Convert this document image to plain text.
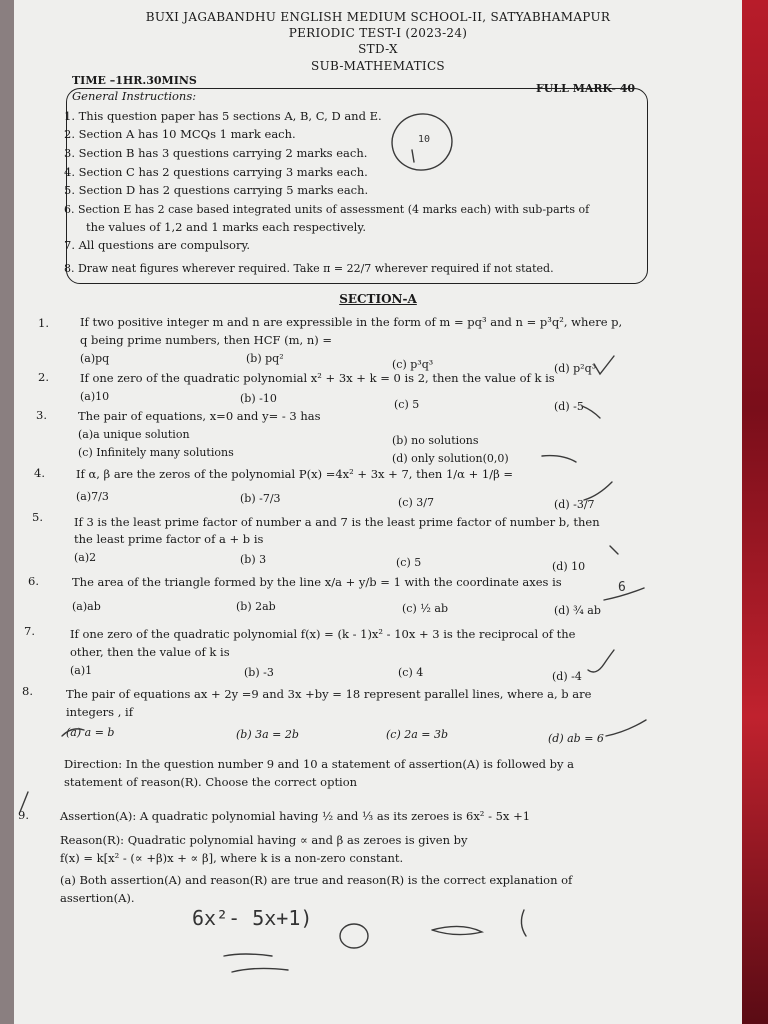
BUXI JAGABANDHU ENGLISH MEDIUM SCHOOL-II, SATYABHAMAPUR
PERIODIC TEST-I (2023-24)
STD-X
SUB-MATHEMATICS
TIME –1HR.30MINS
FULL MARK- 40
General Instructions:
1. This question paper has 5 sections A, B, C, D and E.
2. Section A has 10 MCQs 1 mark each.
3. Section B has 3 questions carrying 2 marks each.
4. Section C has 2 questions carrying 3 marks each.
5. Section D has 2 questions carrying 5 marks each.
6. Section E has 2 case based integrated units of assessment (4 marks each) with sub-parts of
the values of 1,2 and 1 marks each respectively.
7. All questions are compulsory.
8. Draw neat figures wherever required. Take π = 22/7 wherever required if not stated.
SECTION-A
1.	If two positive integer m and n are expressible in the form of m = pq³ and n = p³q², where p,
q being prime numbers, then HCF (m, n) =
(a)pq	(b) pq²	(c) p³q³	(d) p²q³
2.	If one zero of the quadratic polynomial x² + 3x + k = 0 is 2, then the value of k is
(a)10	(b) -10	(c) 5	(d) -5
3.	The pair of equations, x=0 and y= - 3 has
(a)a unique solution	(b) no solutions
(c) Infinitely many solutions	(d) only solution(0,0)
4.	If α, β are the zeros of the polynomial P(x) =4x² + 3x + 7, then 1/α + 1/β =
(a)7/3	(b) -7/3	(c) 3/7	(d) -3/7
5.	If 3 is the least prime factor of number a and 7 is the least prime factor of number b, then
the least prime factor of a + b is
(a)2	(b) 3	(c) 5	(d) 10
6.	The area of the triangle formed by the line x/a + y/b = 1 with the coordinate axes is
(a)ab	(b) 2ab	(c) ½ ab	(d) ¾ ab
7.	If one zero of the quadratic polynomial f(x) = (k - 1)x² - 10x + 3 is the reciprocal of the
other, then the value of k is
(a)1	(b) -3	(c) 4	(d) -4
8.	The pair of equations ax + 2y =9 and 3x +by = 18 represent parallel lines, where a, b are
integers , if
(a) a = b	(b) 3a = 2b	(c) 2a = 3b	(d) ab = 6
Direction: In the question number 9 and 10 a statement of assertion(A) is followed by a
statement of reason(R). Choose the correct option
9.	Assertion(A): A quadratic polynomial having ½ and ⅓ as its zeroes is 6x² - 5x +1
Reason(R): Quadratic polynomial having ∝ and β as zeroes is given by
f(x) = k[x² - (∝ +β)x + ∝ β], where k is a non-zero constant.
(a) Both assertion(A) and reason(R) are true and reason(R) is the correct explanation of
assertion(A).
10
6
6x²- 5x+1)
